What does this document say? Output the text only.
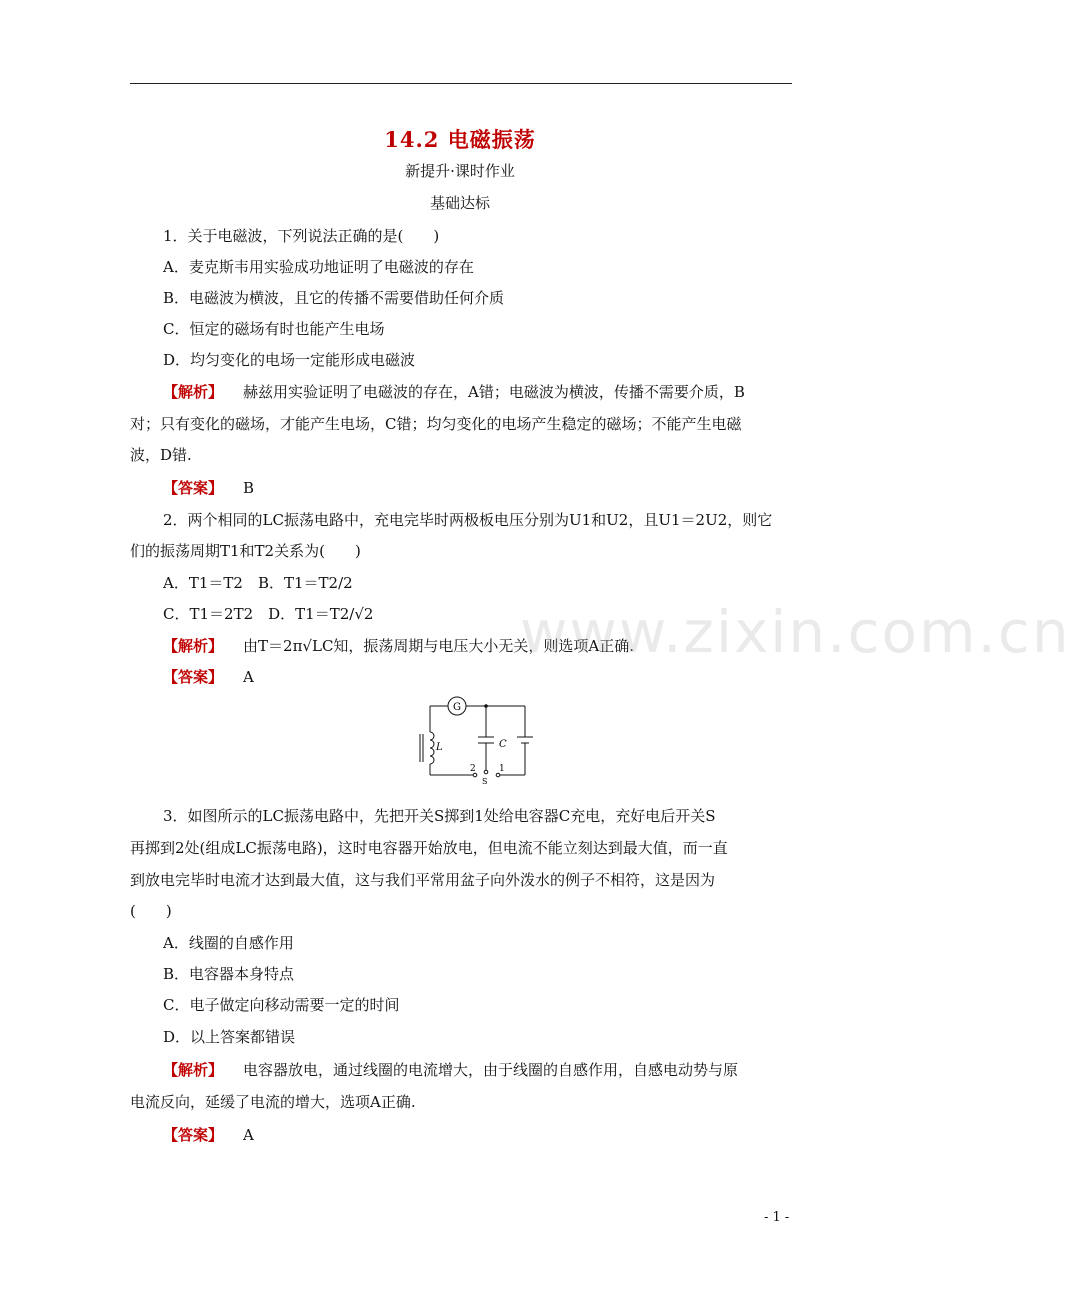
14.2 电磁振荡
新提升·课时作业
基础达标
1．关于电磁波，下列说法正确的是(　　)
A．麦克斯韦用实验成功地证明了电磁波的存在
B．电磁波为横波，且它的传播不需要借助任何介质
C．恒定的磁场有时也能产生电场
D．均匀变化的电场一定能形成电磁波
【解析】 赫兹用实验证明了电磁波的存在，A错；电磁波为横波，传播不需要介质，B
对；只有变化的磁场，才能产生电场，C错；均匀变化的电场产生稳定的磁场；不能产生电磁
波，D错.
【答案】 B
2．两个相同的LC振荡电路中，充电完毕时两极板电压分别为U1和U2，且U1＝2U2，则它
们的振荡周期T1和T2关系为(　　)
A．T1＝T2　 B．T1＝T2/2
C．T1＝2T2　 D．T1＝T2/√2
【解析】 由T＝2π√LC知，振荡周期与电压大小无关，则选项A正确.
【答案】 A
G
L	C
2	1
S
3．如图所示的LC振荡电路中，先把开关S掷到1处给电容器C充电，充好电后开关S
再掷到2处(组成LC振荡电路)，这时电容器开始放电，但电流不能立刻达到最大值，而一直
到放电完毕时电流才达到最大值，这与我们平常用盆子向外泼水的例子不相符，这是因为
(　　)
A．线圈的自感作用
B．电容器本身特点
C．电子做定向移动需要一定的时间
D．以上答案都错误
【解析】 电容器放电，通过线圈的电流增大，由于线圈的自感作用，自感电动势与原
电流反向，延缓了电流的增大，选项A正确.
【答案】 A
www.zixin.com.cn
- 1 -
